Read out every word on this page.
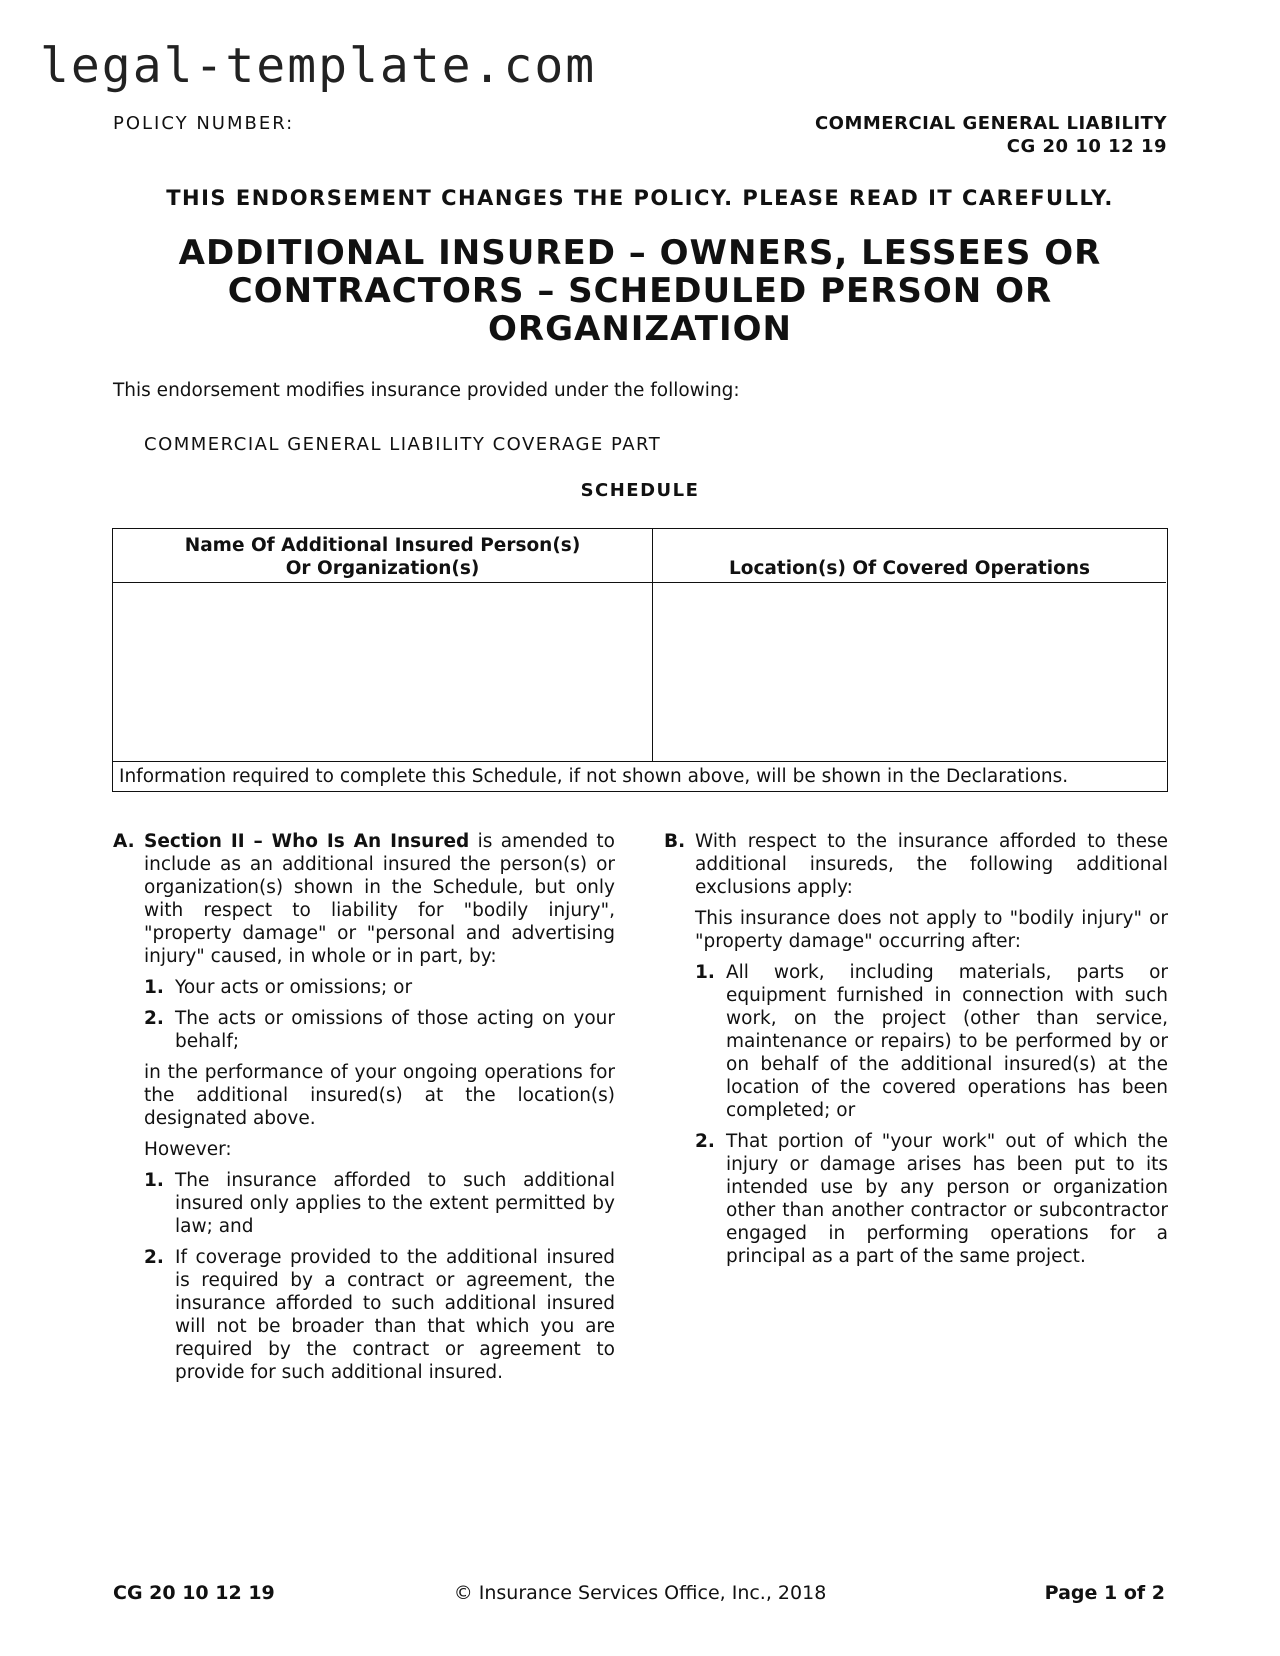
legal-template.com
POLICY NUMBER:	COMMERCIAL GENERAL LIABILITY
CG 20 10 12 19
THIS ENDORSEMENT CHANGES THE POLICY. PLEASE READ IT CAREFULLY.
ADDITIONAL INSURED – OWNERS, LESSEES OR
CONTRACTORS – SCHEDULED PERSON OR
ORGANIZATION
This endorsement modifies insurance provided under the following:
COMMERCIAL GENERAL LIABILITY COVERAGE PART
SCHEDULE
Name Of Additional Insured Person(s)
Or Organization(s)	Location(s) Of Covered Operations
Information required to complete this Schedule, if not shown above, will be shown in the Declarations.
A. Section II – Who Is An Insured is amended to include as an additional insured the person(s) or organization(s) shown in the Schedule, but only with respect to liability for "bodily injury", "property damage" or "personal and advertising injury" caused, in whole or in part, by:
1. Your acts or omissions; or
2. The acts or omissions of those acting on your behalf;
in the performance of your ongoing operations for the additional insured(s) at the location(s) designated above.
However:
1. The insurance afforded to such additional insured only applies to the extent permitted by law; and
2. If coverage provided to the additional insured is required by a contract or agreement, the insurance afforded to such additional insured will not be broader than that which you are required by the contract or agreement to provide for such additional insured.
B. With respect to the insurance afforded to these additional insureds, the following additional exclusions apply:
This insurance does not apply to "bodily injury" or "property damage" occurring after:
1. All work, including materials, parts or equipment furnished in connection with such work, on the project (other than service, maintenance or repairs) to be performed by or on behalf of the additional insured(s) at the location of the covered operations has been completed; or
2. That portion of "your work" out of which the injury or damage arises has been put to its intended use by any person or organization other than another contractor or subcontractor engaged in performing operations for a principal as a part of the same project.
CG 20 10 12 19	© Insurance Services Office, Inc., 2018	Page 1 of 2
